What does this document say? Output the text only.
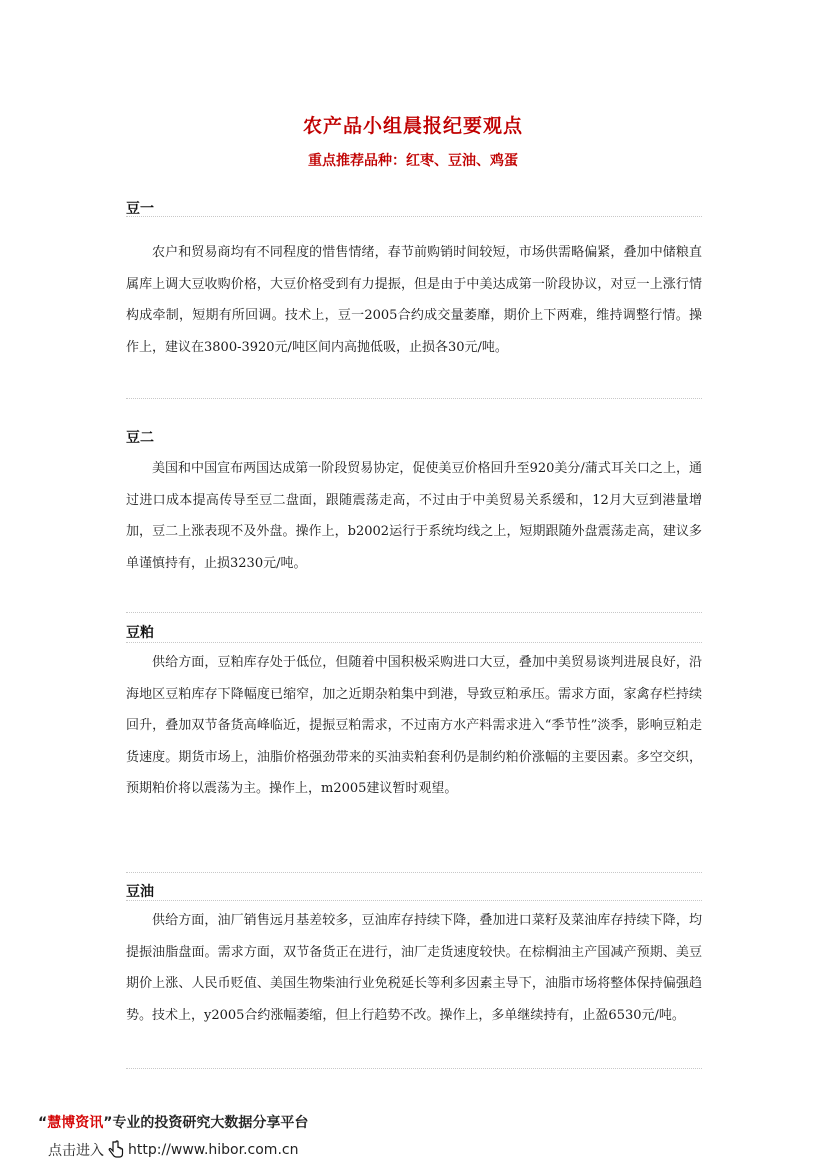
农产品小组晨报纪要观点
重点推荐品种：红枣、豆油、鸡蛋
豆一
农户和贸易商均有不同程度的惜售情绪，春节前购销时间较短，市场供需略偏紧，叠加中储粮直属库上调大豆收购价格，大豆价格受到有力提振，但是由于中美达成第一阶段协议，对豆一上涨行情构成牵制，短期有所回调。技术上，豆一2005合约成交量萎靡，期价上下两难，维持调整行情。操作上，建议在3800-3920元/吨区间内高抛低吸，止损各30元/吨。
豆二
美国和中国宣布两国达成第一阶段贸易协定，促使美豆价格回升至920美分/蒲式耳关口之上，通过进口成本提高传导至豆二盘面，跟随震荡走高，不过由于中美贸易关系缓和，12月大豆到港量增加，豆二上涨表现不及外盘。操作上，b2002运行于系统均线之上，短期跟随外盘震荡走高，建议多单谨慎持有，止损3230元/吨。
豆粕
供给方面，豆粕库存处于低位，但随着中国积极采购进口大豆，叠加中美贸易谈判进展良好，沿海地区豆粕库存下降幅度已缩窄，加之近期杂粕集中到港，导致豆粕承压。需求方面，家禽存栏持续回升，叠加双节备货高峰临近，提振豆粕需求，不过南方水产料需求进入“季节性”淡季，影响豆粕走货速度。期货市场上，油脂价格强劲带来的买油卖粕套利仍是制约粕价涨幅的主要因素。多空交织，预期粕价将以震荡为主。操作上，m2005建议暂时观望。
豆油
供给方面，油厂销售远月基差较多，豆油库存持续下降，叠加进口菜籽及菜油库存持续下降，均提振油脂盘面。需求方面，双节备货正在进行，油厂走货速度较快。在棕榈油主产国减产预期、美豆期价上涨、人民币贬值、美国生物柴油行业免税延长等利多因素主导下，油脂市场将整体保持偏强趋势。技术上，y2005合约涨幅萎缩，但上行趋势不改。操作上，多单继续持有，止盈6530元/吨。
“慧博资讯”专业的投资研究大数据分享平台
点击进入 http://www.hibor.com.cn
